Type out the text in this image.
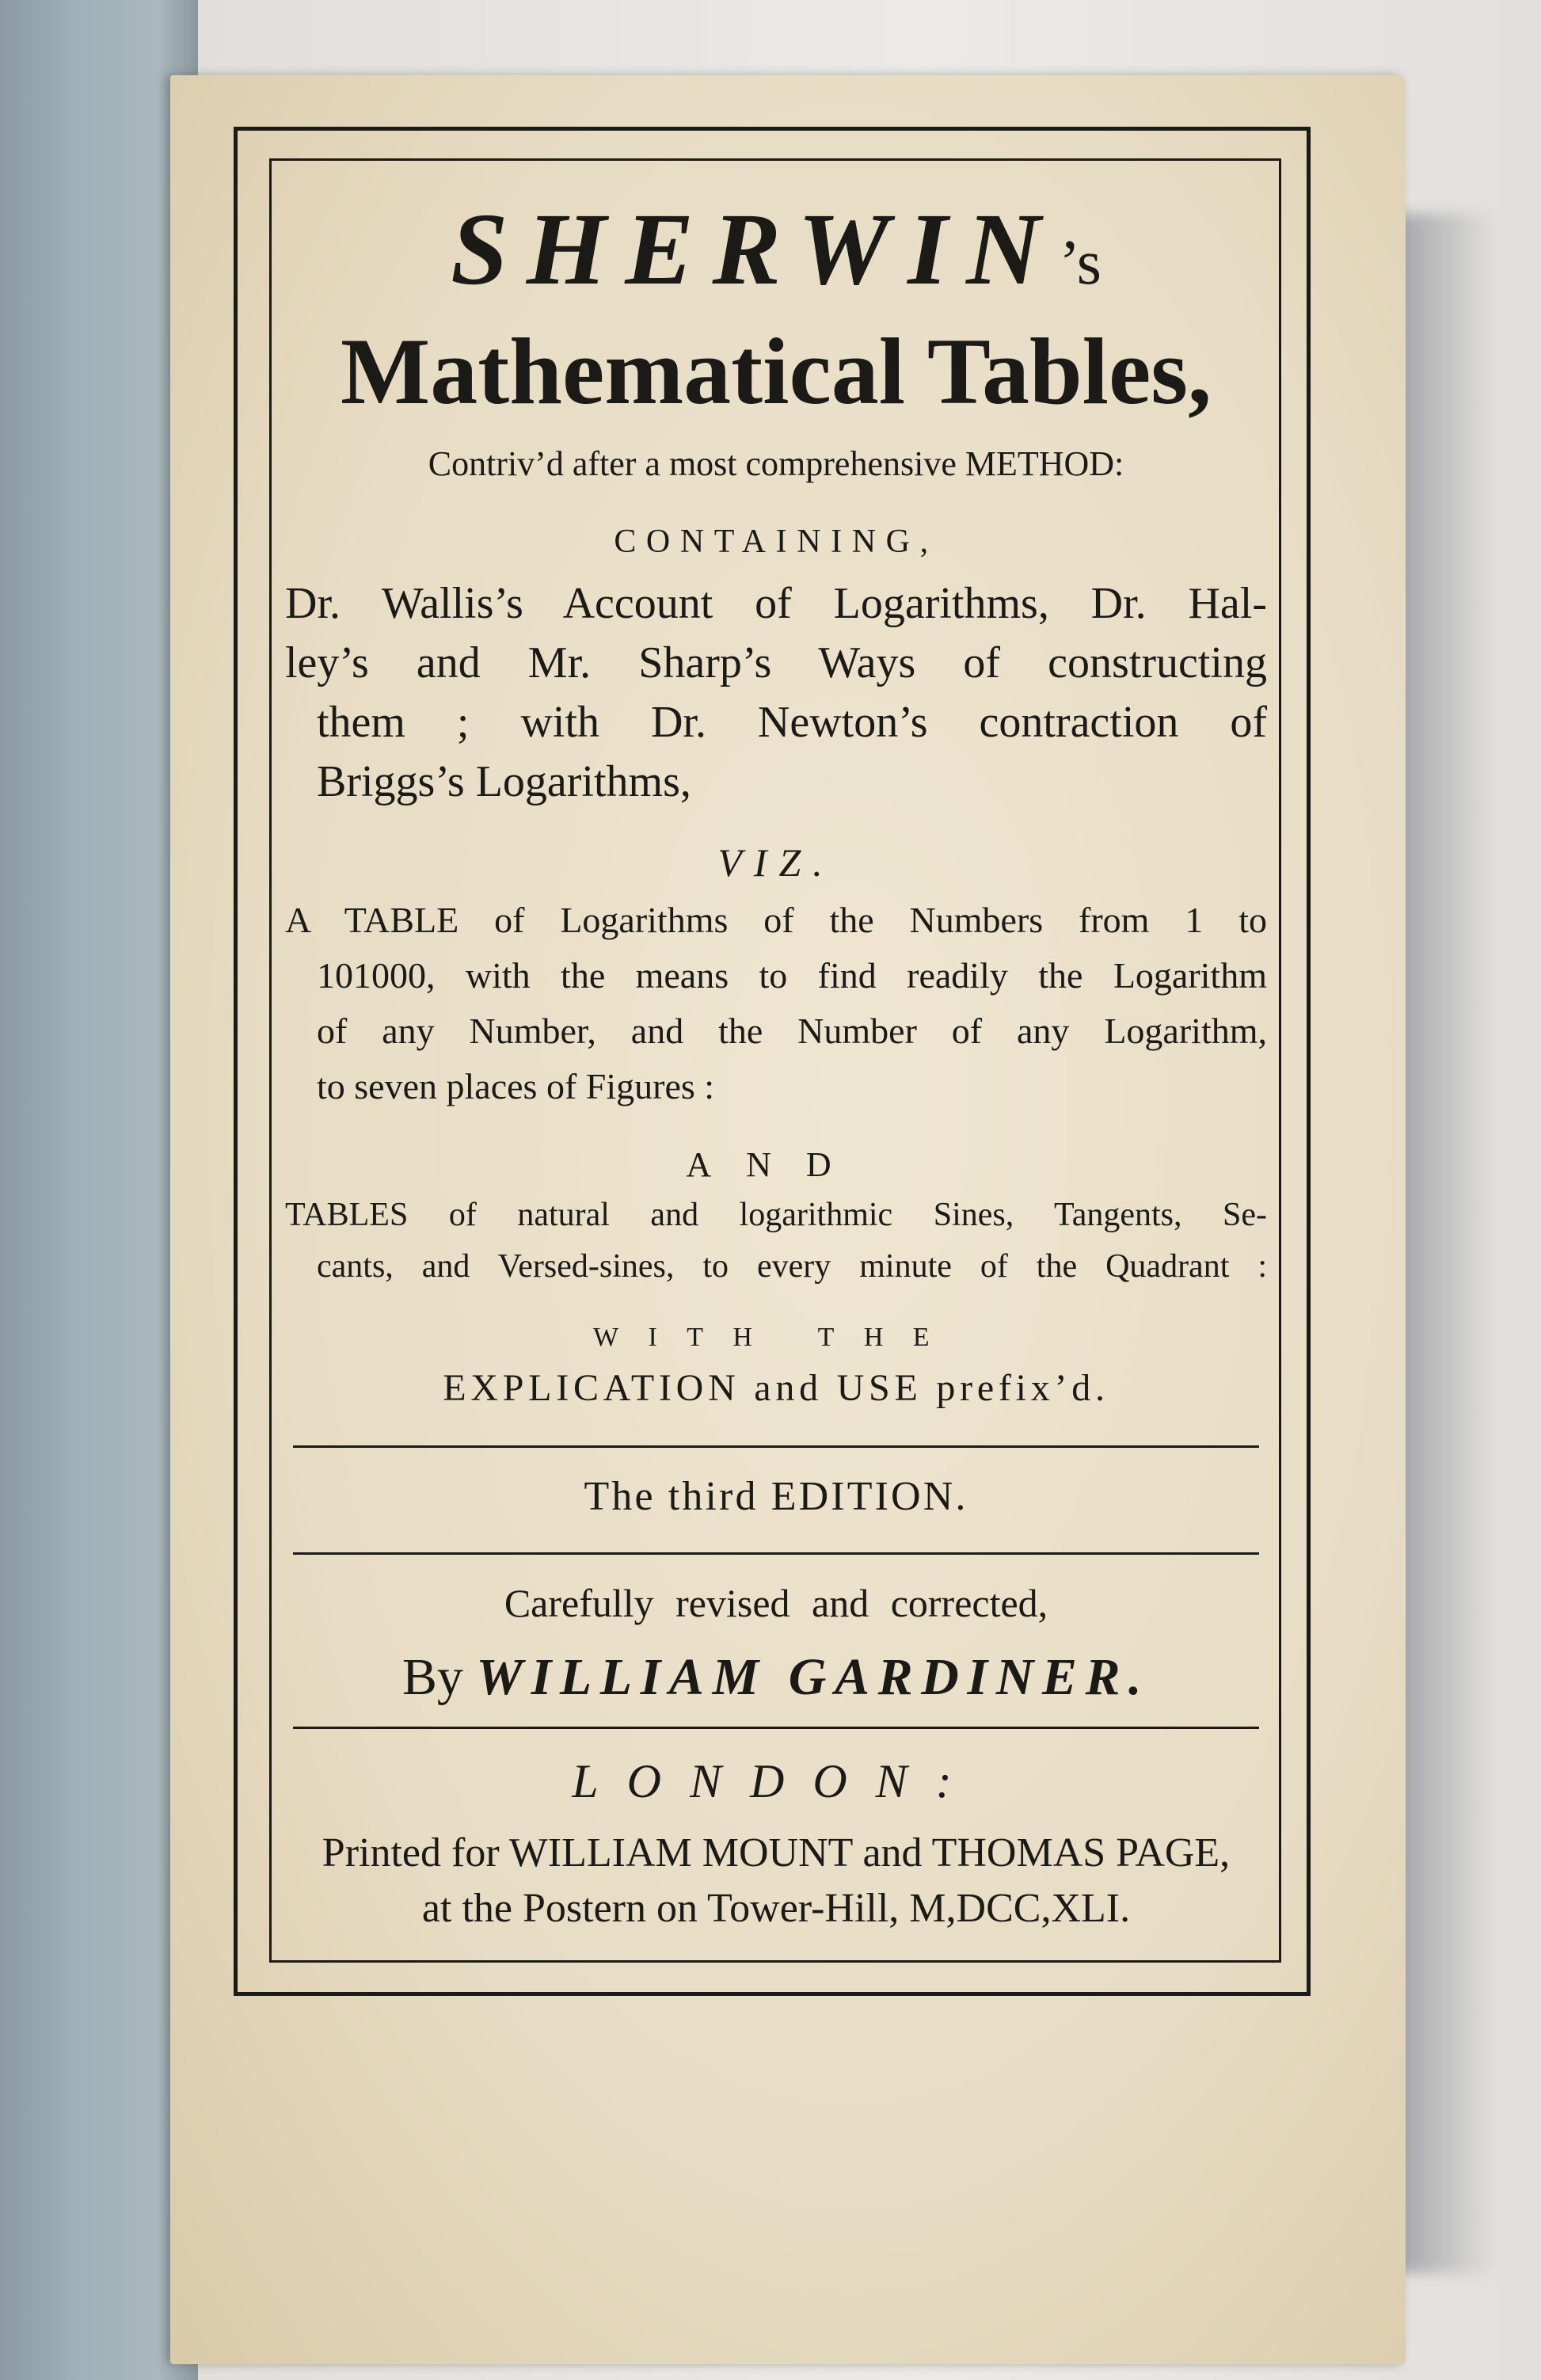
SHERWIN’s
Mathematical Tables,
Contriv’d after a most comprehensive METHOD:
CONTAINING,
Dr. Wallis’s Account of Logarithms, Dr. Hal-
ley’s and Mr. Sharp’s Ways of constructing
them ; with Dr. Newton’s contraction of
Briggs’s Logarithms,
VIZ.
A TABLE of Logarithms of the Numbers from 1 to
101000, with the means to find readily the Logarithm
of any Number, and the Number of any Logarithm,
to seven places of Figures :
AND
TABLES of natural and logarithmic Sines, Tangents, Se-
cants, and Versed-sines, to every minute of the Quadrant :
WITH THE
EXPLICATION and USE prefix’d.
The third EDITION.
Carefully revised and corrected,
By WILLIAM GARDINER.
LONDON:
Printed for WILLIAM MOUNT and THOMAS PAGE,
at the Postern on Tower-Hill, M,DCC,XLI.
